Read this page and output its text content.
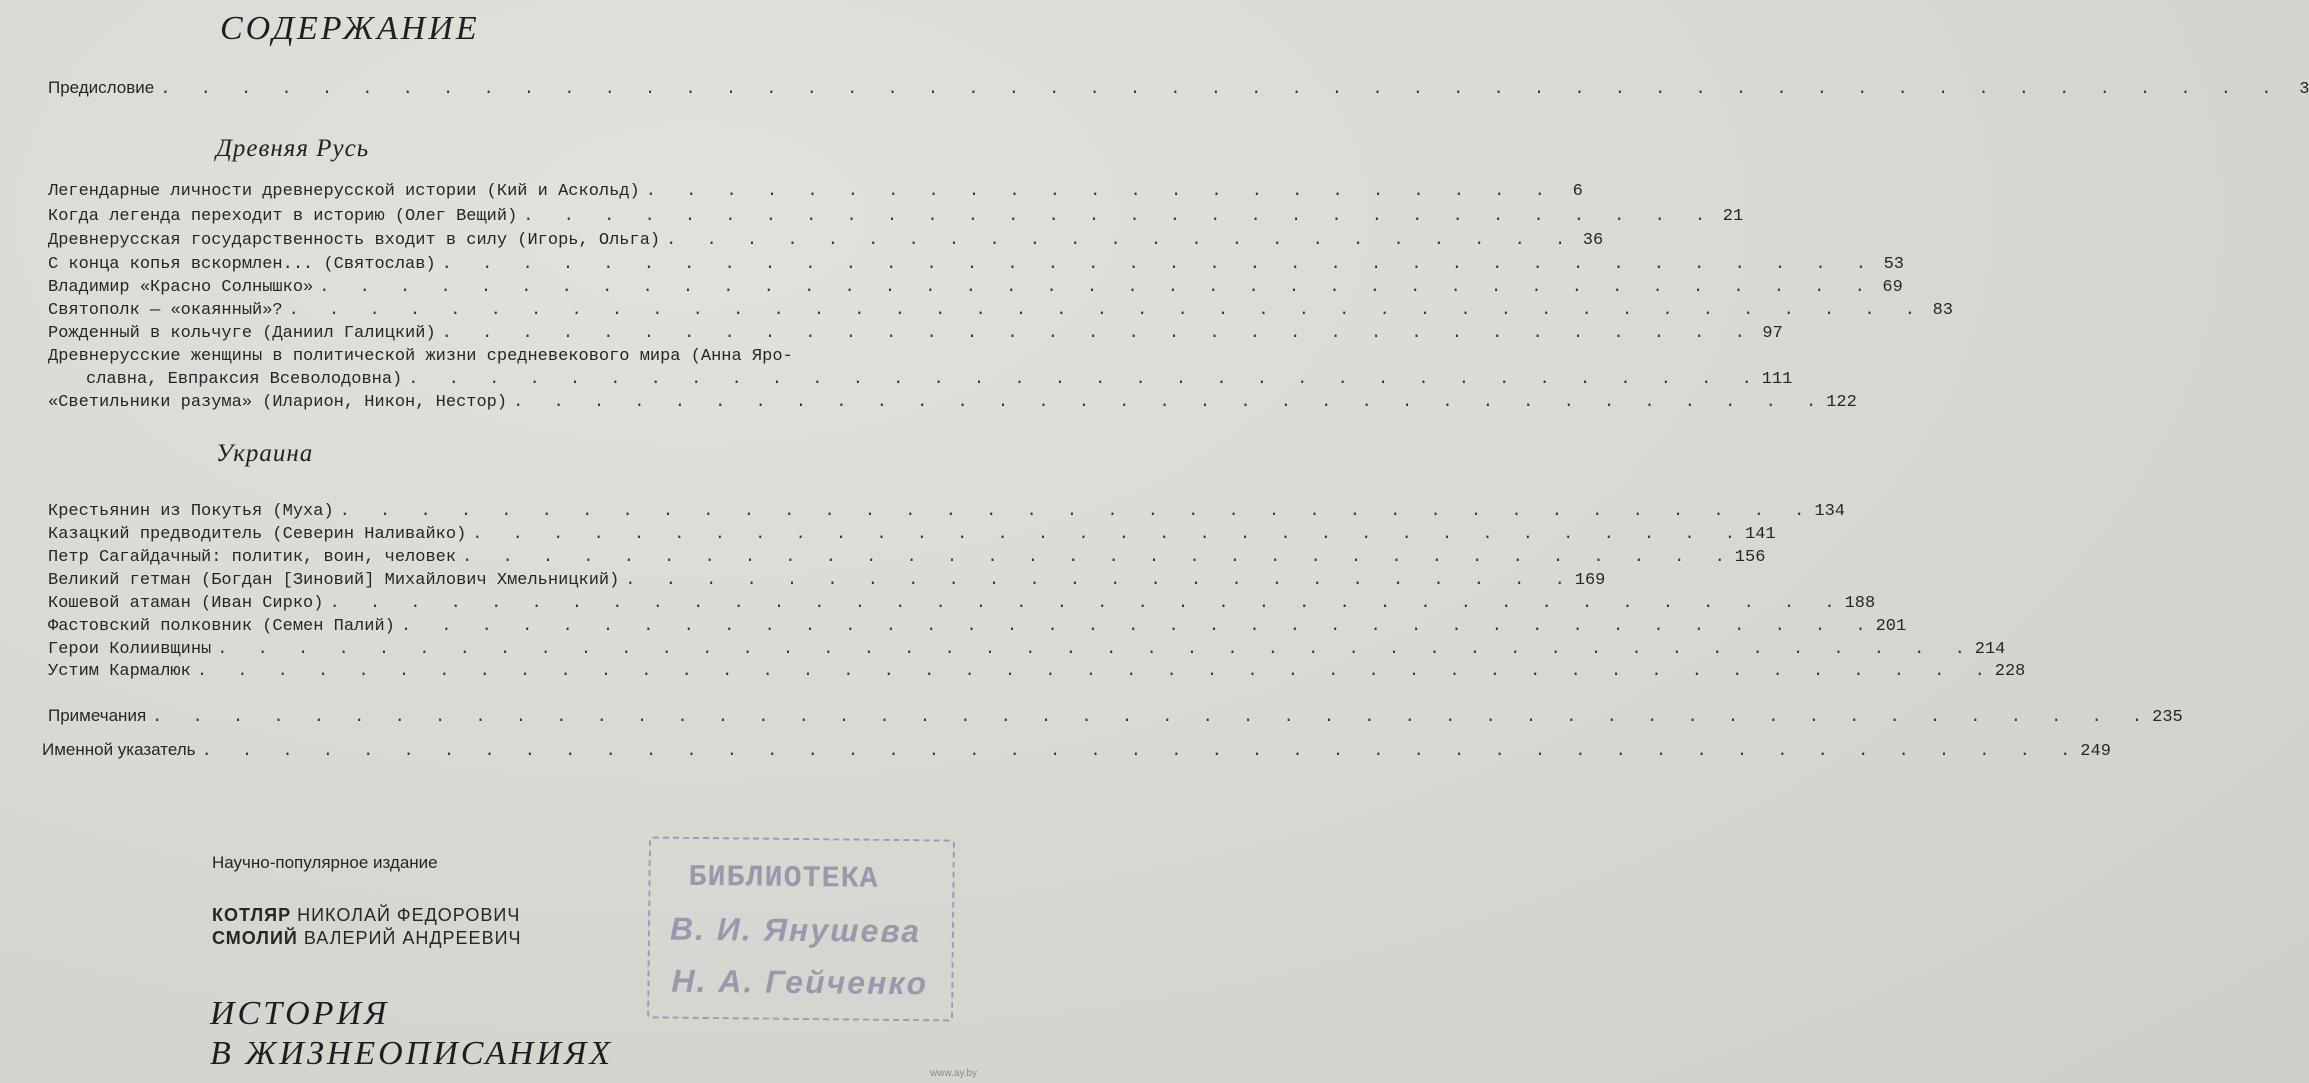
СОДЕРЖАНИЕ
Предисловие . . . . . . . . . . . . . . . . . . . . . . . . . . . . . . . . . . . . . . . . . . . . . . . . . . . . .	3
Древняя Русь
Легендарные личности древнерусской истории (Кий и Аскольд) . . . . . . . . . . . . . . . . . . . . . . .	6
Когда легенда переходит в историю (Олег Вещий) . . . . . . . . . . . . . . . . . . . . . . . . . . . . . . 21
Древнерусская государственность входит в силу (Игорь, Ольга) . . . . . . . . . . . . . . . . . . . . . . . 36
С конца копья вскормлен... (Святослав) . . . . . . . . . . . . . . . . . . . . . . . . . . . . . . . . . . . . 53
Владимир «Красно Солнышко» . . . . . . . . . . . . . . . . . . . . . . . . . . . . . . . . . . . . . . . 69
Святополк — «окаянный»? . . . . . . . . . . . . . . . . . . . . . . . . . . . . . . . . . . . . . . . . . 83
Рожденный в кольчуге (Даниил Галицкий) . . . . . . . . . . . . . . . . . . . . . . . . . . . . . . . . . 97
Древнерусские женщины в политической жизни средневекового мира (Анна Яро-
славна, Евпраксия Всеволодовна) . . . . . . . . . . . . . . . . . . . . . . . . . . . . . . . . . . 111
«Светильники разума» (Иларион, Никон, Нестор) . . . . . . . . . . . . . . . . . . . . . . . . . . . . . . . . . 122
Украина
Крестьянин из Покутья (Муха) . . . . . . . . . . . . . . . . . . . . . . . . . . . . . . . . . . . . . 134
Казацкий предводитель (Северин Наливайко) . . . . . . . . . . . . . . . . . . . . . . . . . . . . . . . . 141
Петр Сагайдачный: политик, воин, человек . . . . . . . . . . . . . . . . . . . . . . . . . . . . . . . . 156
Великий гетман (Богдан [Зиновий] Михайлович Хмельницкий) . . . . . . . . . . . . . . . . . . . . . . . . 169
Кошевой атаман (Иван Сирко) . . . . . . . . . . . . . . . . . . . . . . . . . . . . . . . . . . . . . . 188
Фастовский полковник (Семен Палий) . . . . . . . . . . . . . . . . . . . . . . . . . . . . . . . . . . . . . 201
Герои Колиивщины . . . . . . . . . . . . . . . . . . . . . . . . . . . . . . . . . . . . . . . . . . . . 214
Устим Кармалюк . . . . . . . . . . . . . . . . . . . . . . . . . . . . . . . . . . . . . . . . . . . . . 228
Примечания . . . . . . . . . . . . . . . . . . . . . . . . . . . . . . . . . . . . . . . . . . . . . . . . . . 235
Именной указатель . . . . . . . . . . . . . . . . . . . . . . . . . . . . . . . . . . . . . . . . . . . . . . . 249
Научно-популярное издание
КОТЛЯР НИКОЛАЙ ФЕДОРОВИЧ
СМОЛИЙ ВАЛЕРИЙ АНДРЕЕВИЧ
ИСТОРИЯ
В ЖИЗНЕОПИСАНИЯХ
БИБЛИОТЕКА
В. И. Янушева
Н. А. Гейченко
www.ay.by
